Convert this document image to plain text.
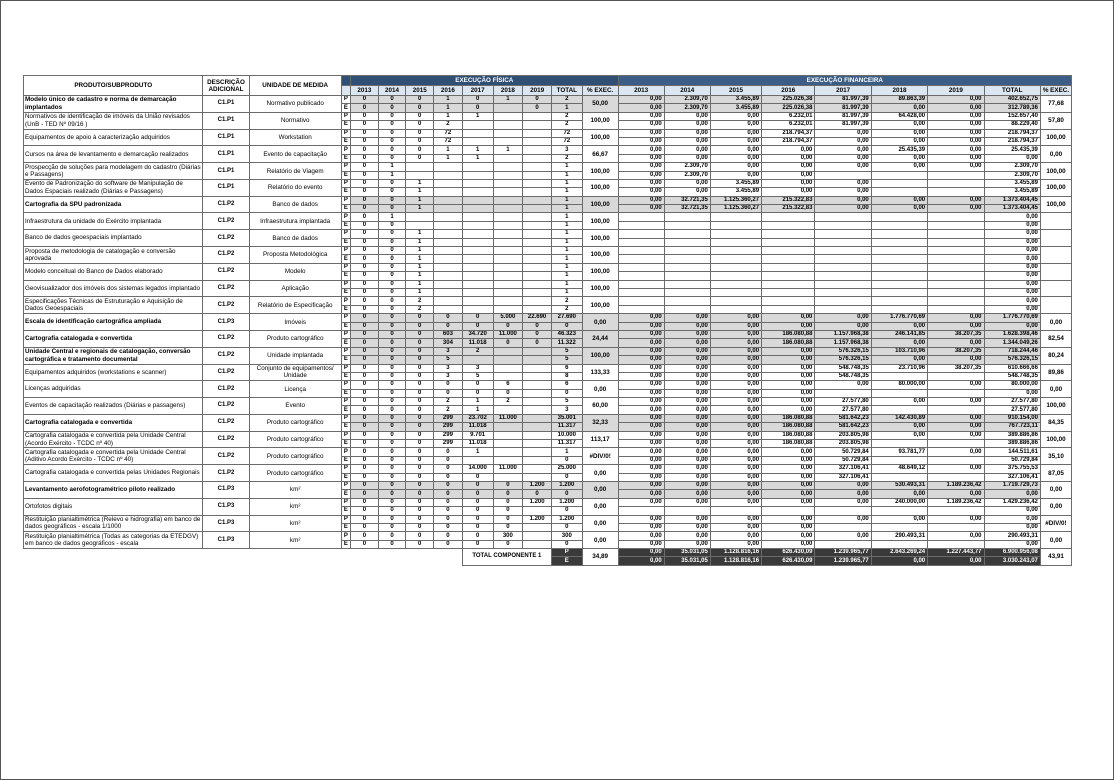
PRODUTO/SUBPRODUTO	DESCRIÇÃO ADICIONAL	UNIDADE DE MEDIDA		EXECUÇÃO FÍSICA									EXECUÇÃO FINANCEIRA								
				2013	2014	2015	2016	2017	2018	2019	TOTAL	% EXEC.	2013	2014	2015	2016	2017	2018	2019	TOTAL	% EXEC.
Modelo único de cadastro e norma de demarcação implantados	C1.P1	Normativo publicado	P	0	0	0	1	0	1	0	2	50,00	0,00	2.309,70	3.455,89	225.026,38	81.997,39	89.863,39	0,00	402.652,75	77,68
			E	0	0	0	1	0		0	1		0,00	2.309,70	3.455,89	225.026,38	81.997,39	0,00	0,00	312.789,36	
Normativos de identificação de imóveis da União revisados (UnB - TED Nº 09/16 )	C1.P1	Normativo	P	0	0	0	1	1			2	100,00	0,00	0,00	0,00	6.232,01	81.997,39	64.428,00	0,00	152.657,40	57,80
			E	0	0	0	2				2		0,00	0,00	0,00	6.232,01	81.997,39	0,00	0,00	88.229,40	
Equipamentos de apoio à caracterização adquiridos	C1.P1	Workstation	P	0	0	0	72				72	100,00	0,00	0,00	0,00	218.794,37	0,00	0,00	0,00	218.794,37	100,00
			E	0	0	0	72				72		0,00	0,00	0,00	218.794,37	0,00	0,00	0,00	218.794,37	
Cursos na área de levantamento e demarcação realizados	C1.P1	Evento de capacitação	P	0	0	0	1	1	1		3	66,67	0,00	0,00	0,00	0,00	0,00	25.435,39	0,00	25.435,39	0,00
			E	0	0	0	1	1			2		0,00	0,00	0,00	0,00	0,00	0,00	0,00	0,00	
Prospecção de soluções para modelagem do cadastro (Diárias e Passagens)	C1.P1	Relatório de Viagem	P	0	1						1	100,00	0,00	2.309,70	0,00	0,00	0,00	0,00	0,00	2.309,70	100,00
			E	0	1						1		0,00	2.309,70	0,00	0,00				2.309,70	
Evento de Padronização do software de Manipulação de Dados Espaciais realizado (Diárias e Passagens)	C1.P1	Relatório do evento	P	0	0	1					1	100,00	0,00	0,00	3.455,89	0,00	0,00			3.455,89	100,00
			E	0	0	1					1		0,00	0,00	3.455,89	0,00	0,00			3.455,89	
Cartografia da SPU padronizada	C1.P2	Banco de dados	P	0	0	1					1	100,00	0,00	32.721,35	1.125.360,27	215.322,83	0,00	0,00	0,00	1.373.404,45	100,00
			E	0	0	1					1		0,00	32.721,35	1.125.360,27	215.322,83	0,00	0,00	0,00	1.373.404,45	
Infraestrutura da unidade do Exército implantada	C1.P2	Infraestrutura implantada	P	0	1						1	100,00								0,00	
			E	0	0						1									0,00	
Banco de dados geoespaciais implantado	C1.P2	Banco de dados	P	0	0	1					1	100,00								0,00	
			E	0	0	1					1									0,00	
Proposta de metodologia de catalogação e conversão aprovada	C1.P2	Proposta Metodológica	P	0	0	1					1	100,00								0,00	
			E	0	0	1					1									0,00	
Modelo conceitual do Banco de Dados elaborado	C1.P2	Modelo	P	0	0	1					1	100,00								0,00	
			E	0	0	1					1									0,00	
Geovisualizador dos imóveis dos sistemas legados implantado	C1.P2	Aplicação	P	0	0	1					1	100,00								0,00	
			E	0	0	1					1									0,00	
Especificações Técnicas de Estruturação e Aquisição de Dados Geoespaciais	C1.P2	Relatório de Especificação	P	0	0	2					2	100,00								0,00	
			E	0	0	2					2									0,00	
Escala de identificação cartográfica ampliada	C1.P3	Imóveis	P	0	0	0	0	0	5.000	22.690	27.690	0,00	0,00	0,00	0,00	0,00	0,00	1.776.770,69	0,00	1.776.770,69	0,00
			E	0	0	0	0	0	0	0	0		0,00	0,00	0,00	0,00	0,00	0,00	0,00	0,00	
Cartografia catalogada e convertida	C1.P2	Produto cartográfico	P	0	0	0	603	34.720	11.000	0	46.323	24,44	0,00	0,00	0,00	186.080,88	1.157.968,38	246.141,85	38.207,35	1.628.398,46	82,54
			E	0	0	0	304	11.018	0	0	11.322		0,00	0,00	0,00	186.080,88	1.157.968,38	0,00	0,00	1.344.049,26	
Unidade Central e regionais de catalogação, conversão cartográfica e tratamento documental	C1.P2	Unidade implantada	P	0	0	0	3	2			5	100,00	0,00	0,00	0,00	0,00	576.326,15	103.710,96	38.207,35	718.244,46	80,24
			E	0	0	0	5				5		0,00	0,00	0,00	0,00	576.326,15	0,00	0,00	576.326,15	
Equipamentos adquiridos (workstations e scanner)	C1.P2	Conjunto de equipamentos/ Unidade	P	0	0	0	3	3			6	133,33	0,00	0,00	0,00	0,00	548.748,35	23.710,96	38.207,35	610.666,66	89,86
			E	0	0	0	3	5			8		0,00	0,00	0,00	0,00	548.748,35			548.748,35	
Licenças adquiridas	C1.P2	Licença	P	0	0	0	0	0	6		6	0,00	0,00	0,00	0,00	0,00	0,00	80.000,00	0,00	80.000,00	0,00
			E	0	0	0	0	0	0		0		0,00	0,00	0,00	0,00				0,00	
Eventos de capacitação realizados (Diárias e passagens)	C1.P2	Evento	P	0	0	0	2	1	2		5	60,00	0,00	0,00	0,00	0,00	27.577,80	0,00	0,00	27.577,80	100,00
			E	0	0	0	2	1			3		0,00	0,00	0,00	0,00	27.577,80			27.577,80	
Cartografia catalogada e convertida	C1.P2	Produto cartográfico	P	0	0	0	299	23.702	11.000		35.001	32,33	0,00	0,00	0,00	186.080,88	581.642,23	142.430,89	0,00	910.154,00	84,35
			E	0	0	0	299	11.018			11.317		0,00	0,00	0,00	186.080,88	581.642,23	0,00	0,00	767.723,11	
Cartografia catalogada e convertida pela Unidade Central (Acordo Exército - TCDC nº 40)	C1.P2	Produto cartográfico	P	0	0	0	299	9.701			10.000	113,17	0,00	0,00	0,00	186.080,88	203.805,98	0,00	0,00	389.886,86	100,00
			E	0	0	0	299	11.018			11.317		0,00	0,00	0,00	186.080,88	203.805,98			389.886,86	
Cartografia catalogada e convertida pela Unidade Central (Aditivo Acordo Exército - TCDC nº 40)	C1.P2	Produto cartográfico	P	0	0	0	0	1			1	#DIV/0!	0,00	0,00	0,00	0,00	50.729,84	93.781,77	0,00	144.511,61	35,10
			E	0	0	0	0				0		0,00	0,00	0,00	0,00	50.729,84			50.729,84	
Cartografia catalogada e convertida pelas Unidades Regionais	C1.P2	Produto cartográfico	P	0	0	0	0	14.000	11.000		25.000	0,00	0,00	0,00	0,00	0,00	327.106,41	48.649,12	0,00	375.755,53	87,05
			E	0	0	0	0	0			0		0,00	0,00	0,00	0,00	327.106,41			327.106,41	
Levantamento aerofotogramétrico piloto realizado	C1.P3	km²	P	0	0	0	0	0	0	1.200	1.200	0,00	0,00	0,00	0,00	0,00	0,00	530.493,31	1.189.236,42	1.719.729,73	0,00
			E	0	0	0	0	0	0	0	0		0,00	0,00	0,00	0,00	0,00	0,00	0,00	0,00	
Ortofotos digitais	C1.P3	km²	P	0	0	0	0	0	0	1.200	1.200	0,00	0,00	0,00	0,00	0,00	0,00	240.000,00	1.189.236,42	1.429.236,42	0,00
			E	0	0	0	0	0	0		0									0,00	
Restituição planialtimétrica (Relevo e hidrografia) em banco de dados geográficos - escala 1/1000	C1.P3	km²	P	0	0	0	0	0	0	1.200	1.200	0,00	0,00	0,00	0,00	0,00	0,00	0,00	0,00	0,00	#DIV/0!
			E	0	0	0	0	0	0		0		0,00	0,00	0,00	0,00				0,00	
Restituição planialtimétrica (Todas as categorias da ETEDGV) em banco de dados geográficos - escala	C1.P3	km²	P	0	0	0	0	0	300		300	0,00	0,00	0,00	0,00	0,00	0,00	290.493,31	0,00	290.493,31	0,00
			E	0	0	0	0	0	0		0		0,00	0,00	0,00	0,00				0,00	
								TOTAL COMPONENTE 1			P	34,89	0,00	35.031,05	1.128.816,16	626.430,09	1.239.965,77	2.643.269,24	1.227.443,77	6.900.956,08	43,91
											E		0,00	35.031,05	1.128.816,16	626.430,09	1.239.965,77	0,00	0,00	3.030.243,07	
